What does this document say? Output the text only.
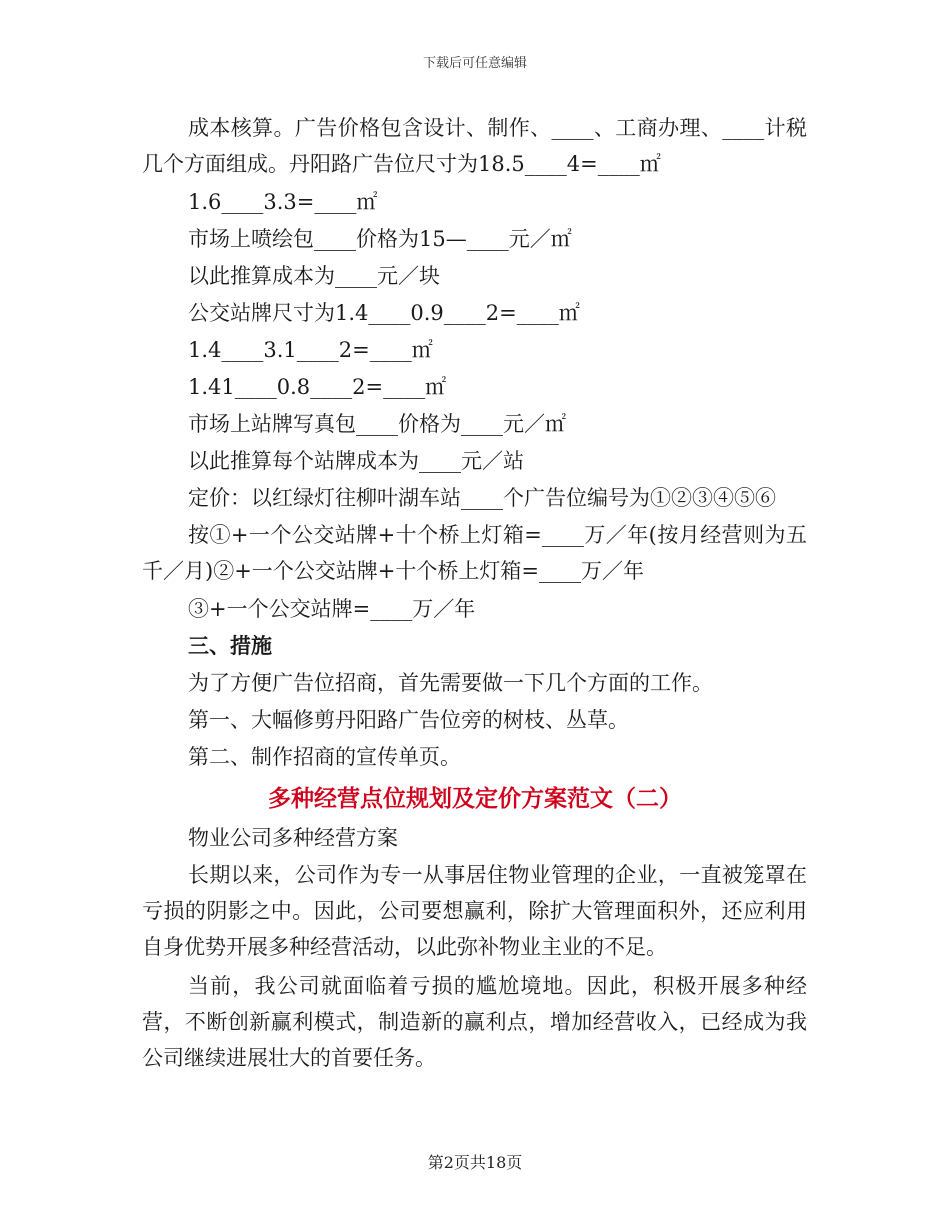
下载后可任意编辑
成本核算。广告价格包含设计、制作、____、工商办理、____计税几个方面组成。丹阳路广告位尺寸为18.5____4=____㎡
1.6____3.3=____㎡
市场上喷绘包____价格为15—____元／㎡
以此推算成本为____元／块
公交站牌尺寸为1.4____0.9____2=____㎡
1.4____3.1____2=____㎡
1.41____0.8____2=____㎡
市场上站牌写真包____价格为____元／㎡
以此推算每个站牌成本为____元／站
定价：以红绿灯往柳叶湖车站____个广告位编号为①②③④⑤⑥
按①+一个公交站牌+十个桥上灯箱=____万／年(按月经营则为五千／月)②+一个公交站牌+十个桥上灯箱=____万／年
③+一个公交站牌=____万／年
三、措施
为了方便广告位招商，首先需要做一下几个方面的工作。
第一、大幅修剪丹阳路广告位旁的树枝、丛草。
第二、制作招商的宣传单页。
多种经营点位规划及定价方案范文（二）
物业公司多种经营方案
长期以来，公司作为专一从事居住物业管理的企业，一直被笼罩在亏损的阴影之中。因此，公司要想赢利，除扩大管理面积外，还应利用自身优势开展多种经营活动，以此弥补物业主业的不足。
当前，我公司就面临着亏损的尴尬境地。因此，积极开展多种经营，不断创新赢利模式，制造新的赢利点，增加经营收入，已经成为我公司继续进展壮大的首要任务。
第2页共18页
